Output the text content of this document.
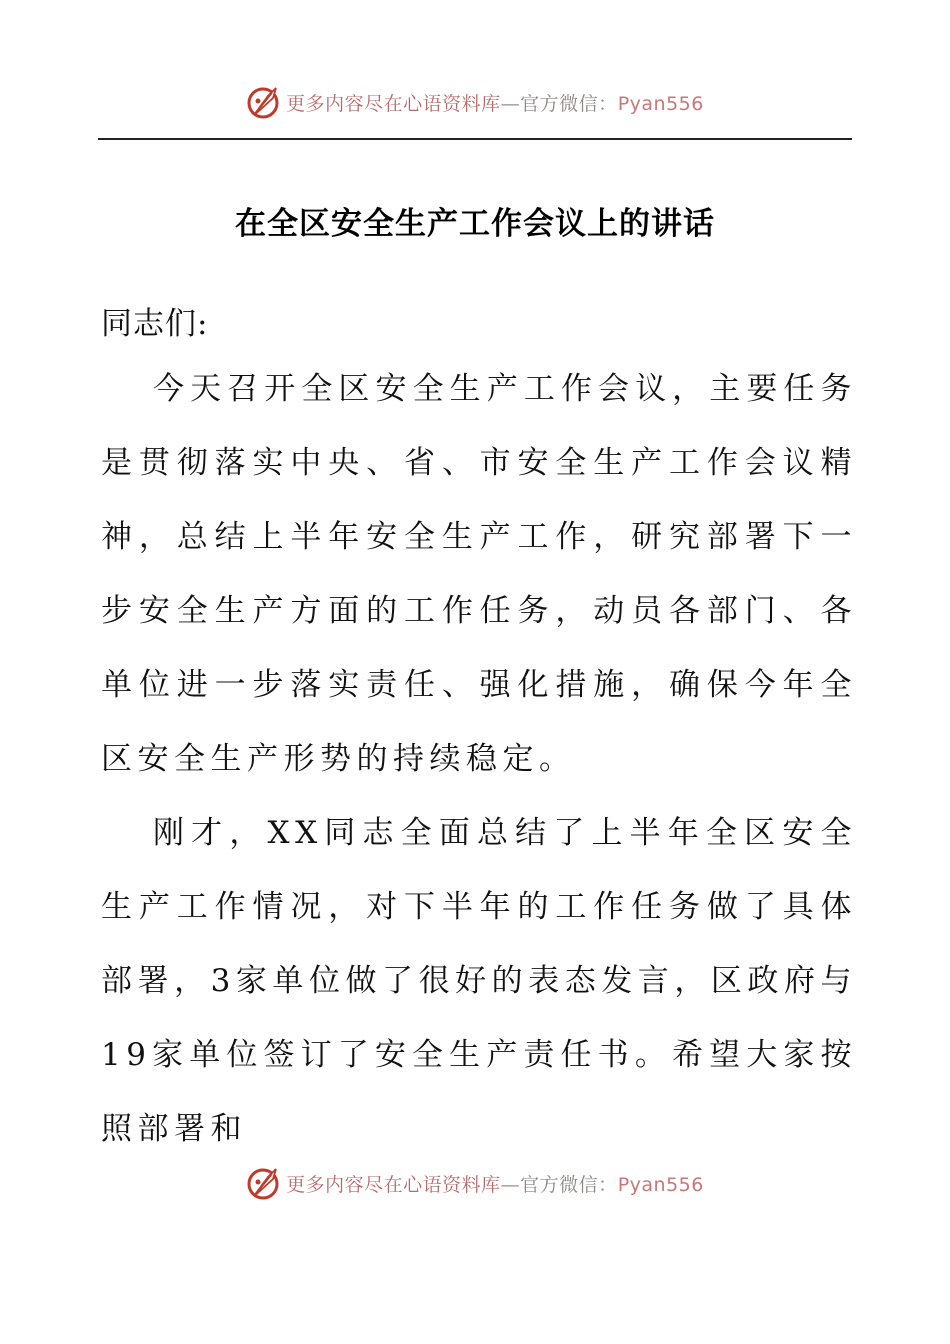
更多内容尽在心语资料库—官方微信：Pyan556
在全区安全生产工作会议上的讲话
同志们:

今天召开全区安全生产工作会议，主要任务是贯彻落实中央、省、市安全生产工作会议精神，总结上半年安全生产工作，研究部署下一步安全生产方面的工作任务，动员各部门、各单位进一步落实责任、强化措施，确保今年全区安全生产形势的持续稳定。

刚才，XX同志全面总结了上半年全区安全生产工作情况，对下半年的工作任务做了具体部署，3家单位做了很好的表态发言，区政府与19家单位签订了安全生产责任书。希望大家按照部署和

更多内容尽在心语资料库—官方微信：Pyan556
